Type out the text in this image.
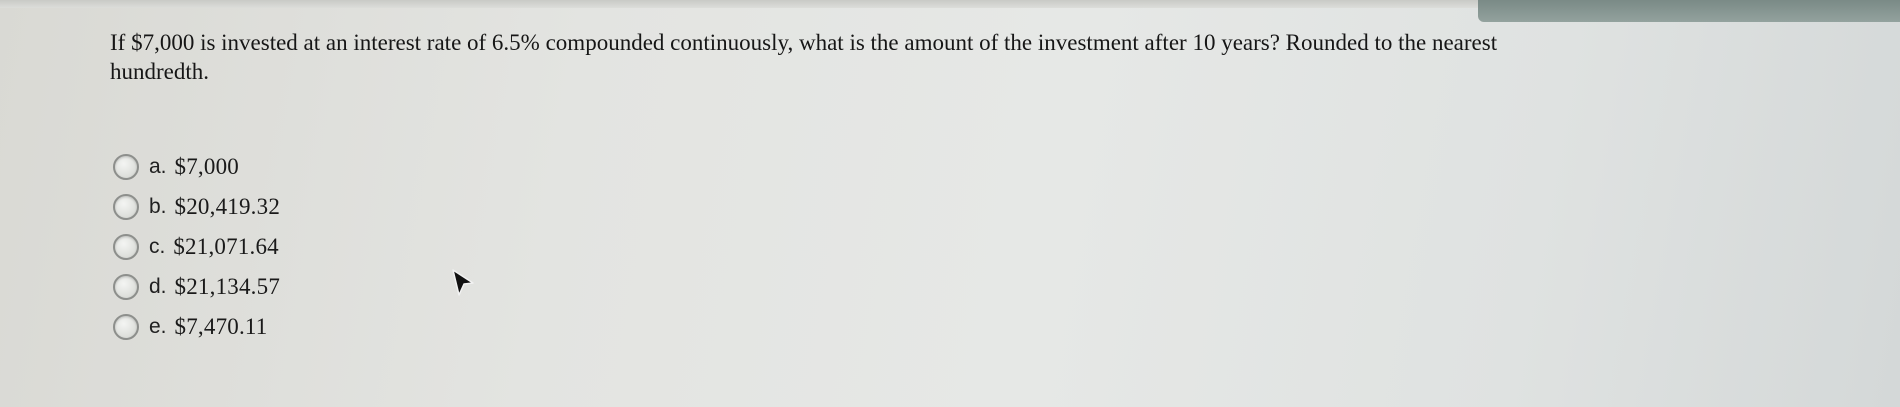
If $7,000 is invested at an interest rate of 6.5% compounded continuously, what is the amount of the investment after 10 years? Rounded to the nearest
hundredth.
a. $7,000
b. $20,419.32
c. $21,071.64
d. $21,134.57
e. $7,470.11
